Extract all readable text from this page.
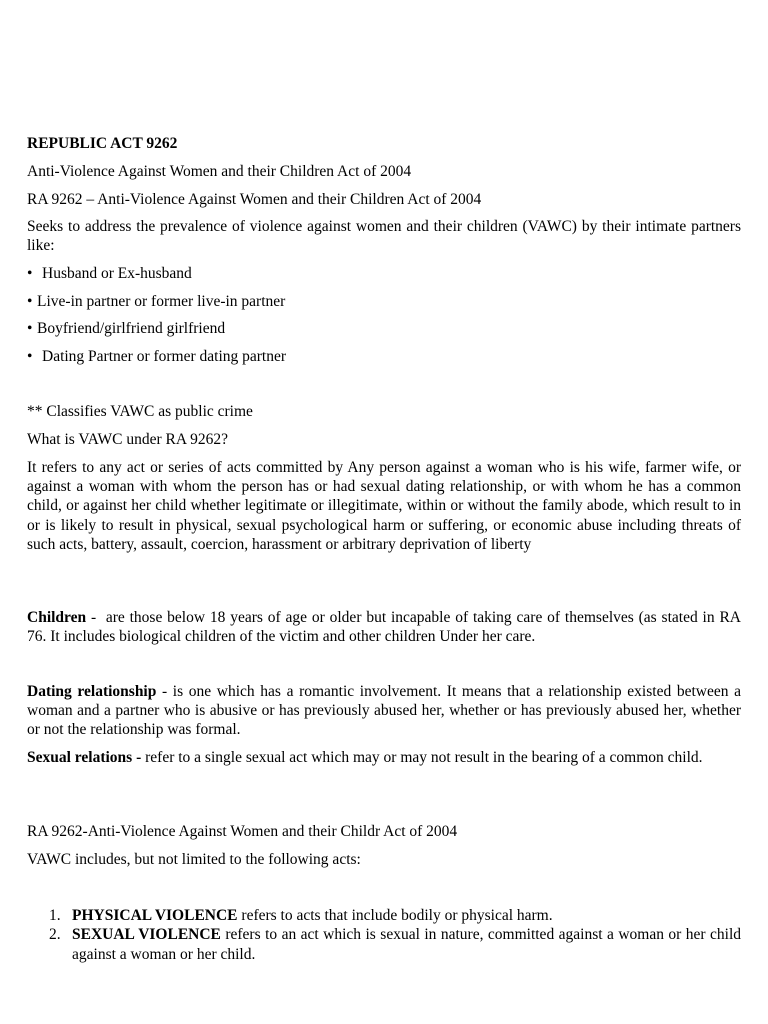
REPUBLIC ACT 9262
Anti-Violence Against Women and their Children Act of 2004
RA 9262 – Anti-Violence Against Women and their Children Act of 2004
Seeks to address the prevalence of violence against women and their children (VAWC) by their intimate partners like:
• Husband or Ex-husband
• Live-in partner or former live-in partner
• Boyfriend/girlfriend girlfriend
• Dating Partner or former dating partner
** Classifies VAWC as public crime
What is VAWC under RA 9262?
It refers to any act or series of acts committed by Any person against a woman who is his wife, farmer wife, or against a woman with whom the person has or had sexual dating relationship, or with whom he has a common child, or against her child whether legitimate or illegitimate, within or without the family abode, which result to in or is likely to result in physical, sexual psychological harm or suffering, or economic abuse including threats of such acts, battery, assault, coercion, harassment or arbitrary deprivation of liberty
Children -  are those below 18 years of age or older but incapable of taking care of themselves (as stated in RA 76. It includes biological children of the victim and other children Under her care.
Dating relationship - is one which has a romantic involvement. It means that a relationship existed between a woman and a partner who is abusive or has previously abused her, whether or has previously abused her, whether or not the relationship was formal.
Sexual relations - refer to a single sexual act which may or may not result in the bearing of a common child.
RA 9262-Anti-Violence Against Women and their Childr Act of 2004
VAWC includes, but not limited to the following acts:
1. PHYSICAL VIOLENCE refers to acts that include bodily or physical harm.
2. SEXUAL VIOLENCE refers to an act which is sexual in nature, committed against a woman or her child against a woman or her child.
